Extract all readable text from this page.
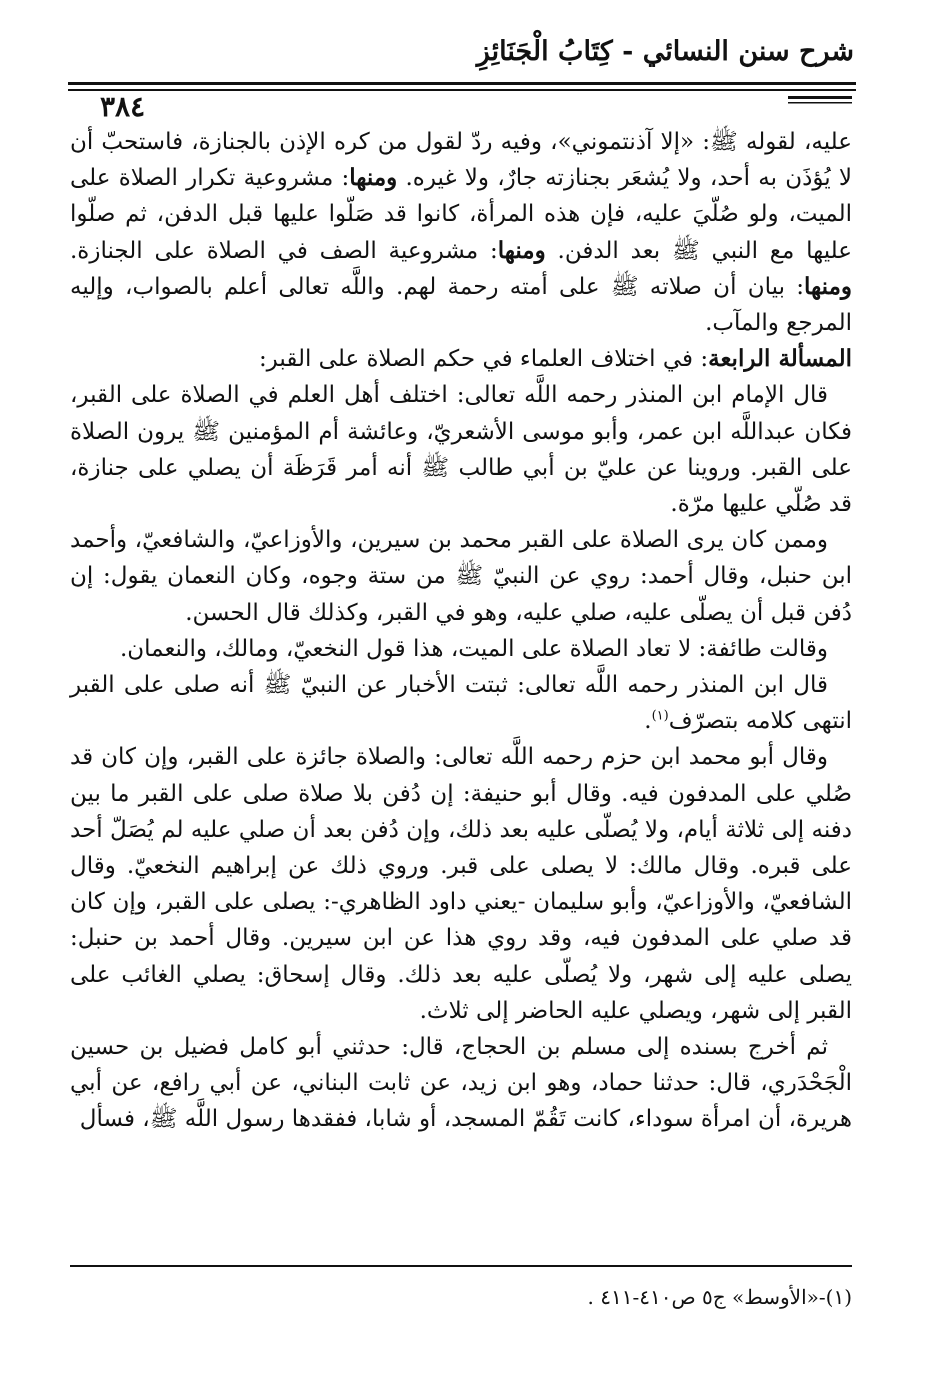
شرح سنن النسائي - كِتَابُ الْجَنَائِزِ
٣٨٤

عليه، لقوله ﷺ: «إلا آذنتموني»، وفيه ردّ لقول من كره الإذن بالجنازة، فاستحبّ أن لا يُؤذَن به أحد، ولا يُشعَر بجنازته جارٌ، ولا غيره. ومنها: مشروعية تكرار الصلاة على الميت، ولو صُلّيَ عليه، فإن هذه المرأة، كانوا قد صَلّوا عليها قبل الدفن، ثم صلّوا عليها مع النبي ﷺ بعد الدفن. ومنها: مشروعية الصف في الصلاة على الجنازة. ومنها: بيان أن صلاته ﷺ على أمته رحمة لهم. واللَّه تعالى أعلم بالصواب، وإليه المرجع والمآب.

المسألة الرابعة: في اختلاف العلماء في حكم الصلاة على القبر:

قال الإمام ابن المنذر رحمه اللَّه تعالى: اختلف أهل العلم في الصلاة على القبر، فكان عبداللَّه ابن عمر، وأبو موسى الأشعريّ، وعائشة أم المؤمنين ﷺ يرون الصلاة على القبر. وروينا عن عليّ بن أبي طالب ﷺ أنه أمر قَرَظَة أن يصلي على جنازة، قد صُلّي عليها مرّة.

وممن كان يرى الصلاة على القبر محمد بن سيرين، والأوزاعيّ، والشافعيّ، وأحمد ابن حنبل، وقال أحمد: روي عن النبيّ ﷺ من ستة وجوه، وكان النعمان يقول: إن دُفن قبل أن يصلّى عليه، صلي عليه، وهو في القبر، وكذلك قال الحسن.

وقالت طائفة: لا تعاد الصلاة على الميت، هذا قول النخعيّ، ومالك، والنعمان.

قال ابن المنذر رحمه اللَّه تعالى: ثبتت الأخبار عن النبيّ ﷺ أنه صلى على القبر انتهى كلامه بتصرّف$^{(١)}$.

وقال أبو محمد ابن حزم رحمه اللَّه تعالى: والصلاة جائزة على القبر، وإن كان قد صُلي على المدفون فيه. وقال أبو حنيفة: إن دُفن بلا صلاة صلى على القبر ما بين دفنه إلى ثلاثة أيام، ولا يُصلّى عليه بعد ذلك، وإن دُفن بعد أن صلي عليه لم يُصَلّ أحد على قبره. وقال مالك: لا يصلى على قبر. وروي ذلك عن إبراهيم النخعيّ. وقال الشافعيّ، والأوزاعيّ، وأبو سليمان -يعني داود الظاهري-: يصلى على القبر، وإن كان قد صلي على المدفون فيه، وقد روي هذا عن ابن سيرين. وقال أحمد بن حنبل: يصلى عليه إلى شهر، ولا يُصلّى عليه بعد ذلك. وقال إسحاق: يصلي الغائب على القبر إلى شهر، ويصلي عليه الحاضر إلى ثلاث.

ثم أخرج بسنده إلى مسلم بن الحجاج، قال: حدثني أبو كامل فضيل بن حسين الْجَحْدَري، قال: حدثنا حماد، وهو ابن زيد، عن ثابت البناني، عن أبي رافع، عن أبي هريرة، أن امرأة سوداء، كانت تَقُمّ المسجد، أو شابا، ففقدها رسول اللَّه ﷺ، فسأل

(١)-«الأوسط» ج٥ ص٤١٠-٤١١ .
